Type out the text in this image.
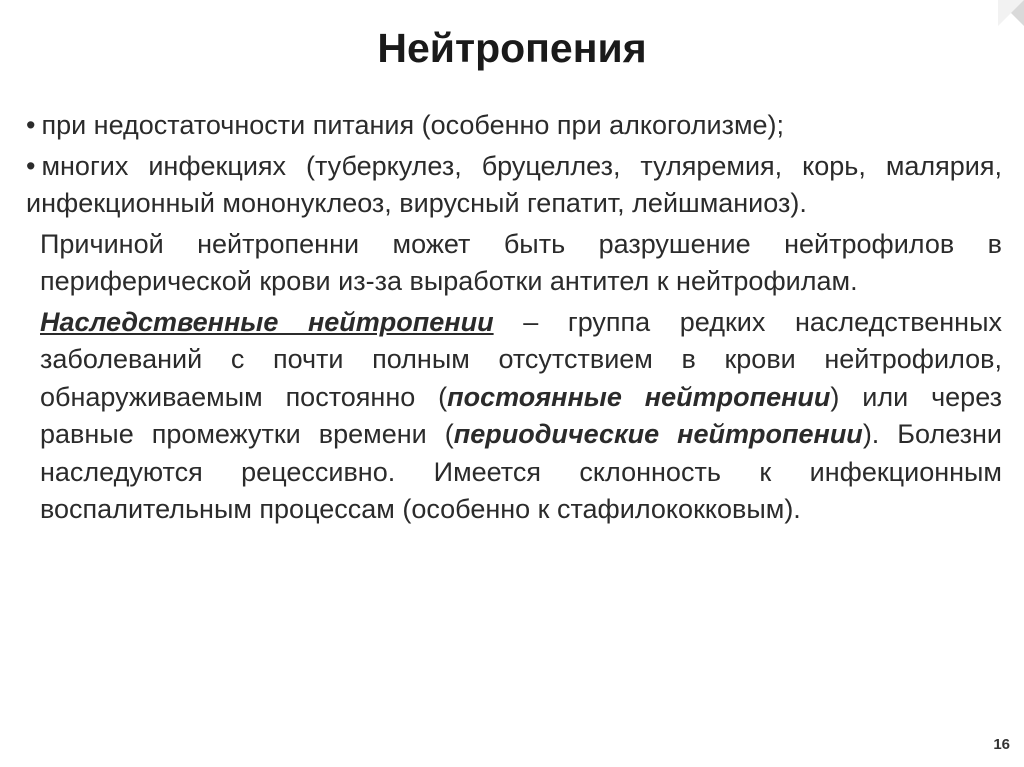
Нейтропения

• при недостаточности питания (особенно при алкоголизме);

• многих инфекциях (туберкулез, бруцеллез, туляремия, корь, малярия, инфекционный мононуклеоз, вирусный гепатит, лейшманиоз).

Причиной нейтропенни может быть разрушение нейтрофилов в периферической крови из-за выработки антител к нейтрофилам.

Наследственные нейтропении – группа редких наследственных заболеваний с почти полным отсутствием в крови нейтрофилов, обнаруживаемым постоянно (постоянные нейтропении) или через равные промежутки времени (периодические нейтропении). Болезни наследуются рецессивно. Имеется склонность к инфекционным воспалительным процессам (особенно к стафилококковым).

16
